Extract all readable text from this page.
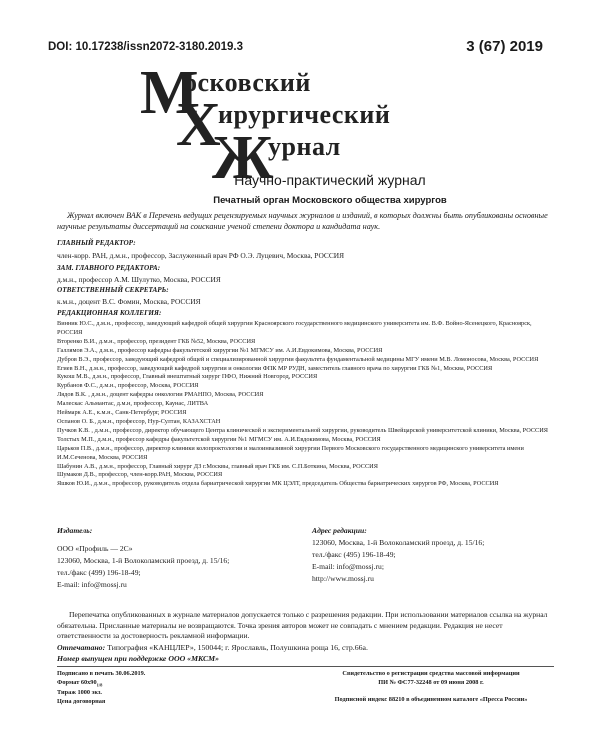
DOI: 10.17238/issn2072-3180.2019.3	3 (67) 2019
М
осковский
Х
ирургический
Ж
урнал
Научно-практический журнал
Печатный орган Московского общества хирургов
Журнал включен ВАК в Перечень ведущих рецензируемых научных журналов и изданий, в которых должны быть опубликованы основные научные результаты диссертаций на соискание ученой степени доктора и кандидата наук.
ГЛАВНЫЙ РЕДАКТОР:
член-корр. РАН, д.м.н., профессор, Заслуженный врач РФ О.Э. Луцевич, Москва, РОССИЯ
ЗАМ. ГЛАВНОГО РЕДАКТОРА:
д.м.н., профессор А.М. Шулутко, Москва, РОССИЯ
ОТВЕТСТВЕННЫЙ СЕКРЕТАРЬ:
к.м.н., доцент В.С. Фомин, Москва, РОССИЯ
РЕДАКЦИОННАЯ КОЛЛЕГИЯ:
Винник Ю.С., д.м.н., профессор, заведующий кафедрой общей хирургии Красноярского государственного медицинского университета им. В.Ф. Войно-Ясенецкого, Красноярск, РОССИЯ
Вторенко В.И., д.м.н., профессор, президент ГКБ №52, Москва, РОССИЯ
Галлямов Э.А., д.м.н., профессор кафедры факультетской хирургии №1 МГМСУ им. А.И.Евдокимова, Москва, РОССИЯ
Дубров В.Э., профессор, заведующий кафедрой общей и специализированной хирургии факультета фундаментальной медицины МГУ имени М.В. Ломоносова, Москва, РОССИЯ
Егиев В.Н., д.м.н., профессор, заведующий кафедрой хирургии и онкологии ФПК МР РУДН, заместитель главного врача по хирургии ГКБ №1, Москва, РОССИЯ
Кукош М.В., д.м.н., профессор, Главный внештатный хирург ПФО, Нижний Новгород, РОССИЯ
Курбанов Ф.С., д.м.н., профессор, Москва, РОССИЯ
Лядов В.К. , д.м.н., доцент кафедры онкологии РМАНПО, Москва, РОССИЯ
Малескас Альмантас, д.м.н, профессор, Каунас, ЛИТВА
Неймарк А.Е., к.м.н., Санк-Петербург, РОССИЯ
Оспанов О. Б., д.м.н., профессор, Нур-Султан, КАЗАХСТАН
Пучков К.В. , д.м.н., профессор, директор обучающего Центра клинической и экспериментальной хирургии, руководитель Швейцарской университетской клиники, Москва, РОССИЯ
Толстых М.П., д.м.н., профессор кафедры факультетской хирургии №1 МГМСУ им. А.И.Евдокимова, Москва, РОССИЯ
Царьков П.В., д.м.н., профессор, директор клиники колопроктологии и малоинвазивной хирургии Первого Московского государственного медицинского университета имени И.М.Сеченова, Москва, РОССИЯ
Шабунин А.В., д.м.н., профессор, Главный хирург ДЗ г.Москвы, главный врач ГКБ им. С.П.Боткина, Москва, РОССИЯ
Шумаков Д.В., профессор, член-корр.РАН, Москва, РОССИЯ
Яшков Ю.И., д.м.н., профессор, руководитель отдела бариатрической хирургии МК ЦЭЛТ, председатель Общества бариатрических хирургов РФ, Москва, РОССИЯ
Издатель:
ООО «Профиль — 2С»
123060, Москва, 1-й Волоколамский проезд, д. 15/16;
тел./факс (499) 196-18-49;
E-mail: info@mossj.ru
Адрес редакции:
123060, Москва, 1-й Волоколамский проезд, д. 15/16;
тел./факс (495) 196-18-49;
E-mail: info@mossj.ru;
http://www.mossj.ru
Перепечатка опубликованных в журнале материалов допускается только с разрешения редакции. При использовании материалов ссылка на журнал обязательна. Присланные материалы не возвращаются. Точка зрения авторов может не совпадать с мнением редакции. Редакция не несет ответственности за достоверность рекламной информации.
Отпечатано: Типография «КАНЦЛЕР», 150044; г. Ярославль, Полушкина роща 16, стр.66а.
Номер выпущен при поддержке ООО «МКСМ»
Подписано в печать 30.06.2019.
Формат $60х90_{1/8}$
Тираж 1000 экз.
Цена договорная
Свидетельство о регистрации средства массовой информации
ПИ № ФС77-32248 от 09 июня 2008 г.
Подписной индекс 88210 в объединенном каталоге «Пресса России»
